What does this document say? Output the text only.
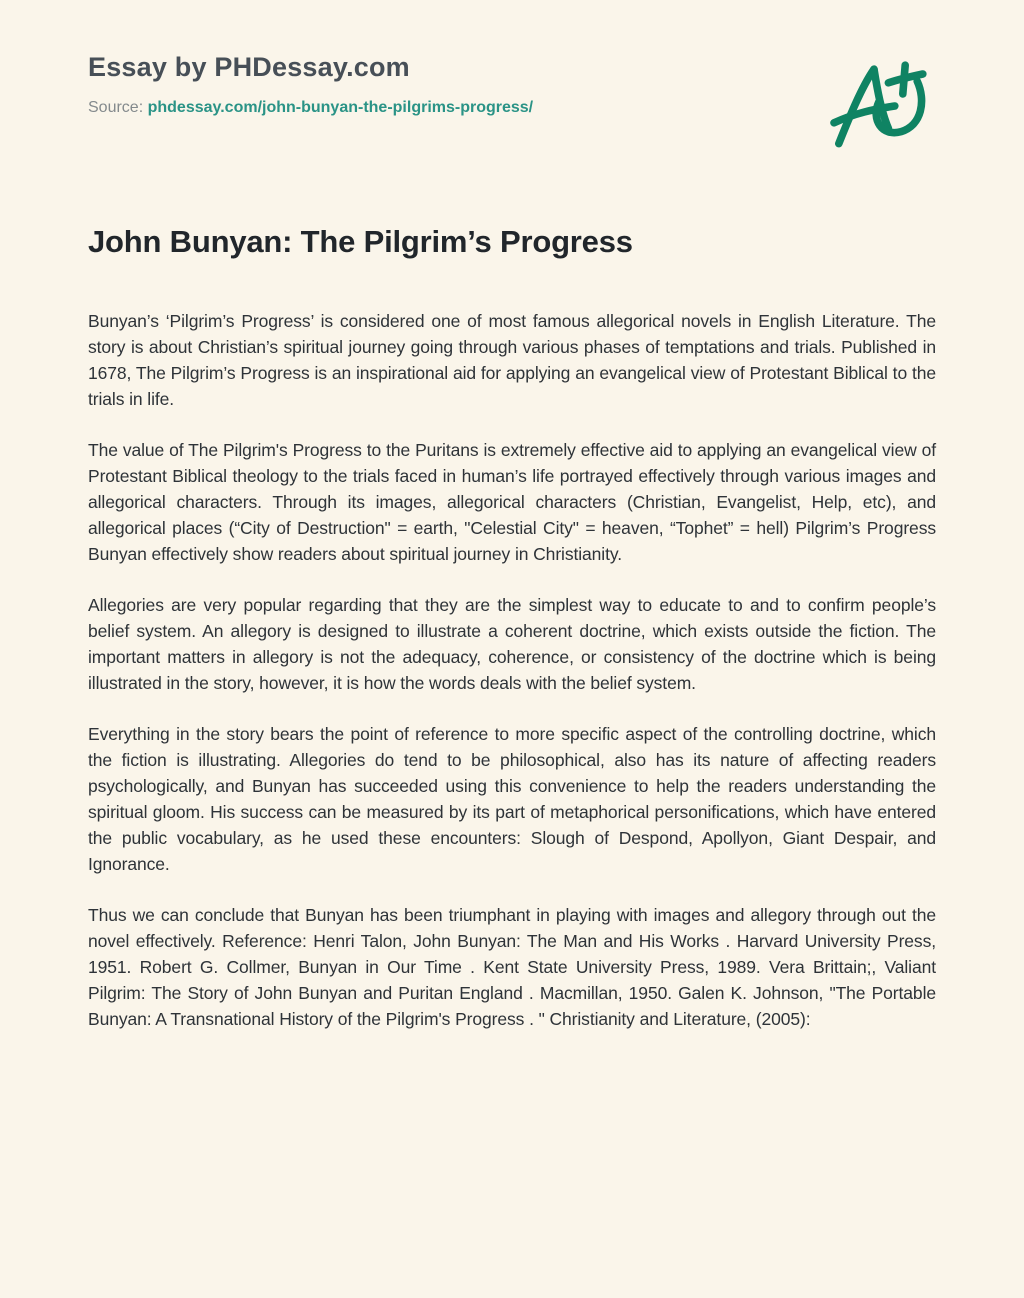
Essay by PHDessay.com
Source: phdessay.com/john-bunyan-the-pilgrims-progress/
John Bunyan: The Pilgrim’s Progress

Bunyan’s ‘Pilgrim’s Progress’ is considered one of most famous allegorical novels in English Literature. The story is about Christian’s spiritual journey going through various phases of temptations and trials. Published in 1678, The Pilgrim’s Progress is an inspirational aid for applying an evangelical view of Protestant Biblical to the trials in life.

The value of The Pilgrim's Progress to the Puritans is extremely effective aid to applying an evangelical view of Protestant Biblical theology to the trials faced in human’s life portrayed effectively through various images and allegorical characters. Through its images, allegorical characters (Christian, Evangelist, Help, etc), and allegorical places (“City of Destruction" = earth, "Celestial City" = heaven, “Tophet” = hell) Pilgrim’s Progress Bunyan effectively show readers about spiritual journey in Christianity.

Allegories are very popular regarding that they are the simplest way to educate to and to confirm people’s belief system. An allegory is designed to illustrate a coherent doctrine, which exists outside the fiction. The important matters in allegory is not the adequacy, coherence, or consistency of the doctrine which is being illustrated in the story, however, it is how the words deals with the belief system.

Everything in the story bears the point of reference to more specific aspect of the controlling doctrine, which the fiction is illustrating. Allegories do tend to be philosophical, also has its nature of affecting readers psychologically, and Bunyan has succeeded using this convenience to help the readers understanding the spiritual gloom. His success can be measured by its part of metaphorical personifications, which have entered the public vocabulary, as he used these encounters: Slough of Despond, Apollyon, Giant Despair, and Ignorance.

Thus we can conclude that Bunyan has been triumphant in playing with images and allegory through out the novel effectively. Reference: Henri Talon, John Bunyan: The Man and His Works . Harvard University Press, 1951. Robert G. Collmer, Bunyan in Our Time . Kent State University Press, 1989. Vera Brittain;, Valiant Pilgrim: The Story of John Bunyan and Puritan England . Macmillan, 1950. Galen K. Johnson, "The Portable Bunyan: A Transnational History of the Pilgrim's Progress . " Christianity and Literature, (2005):
